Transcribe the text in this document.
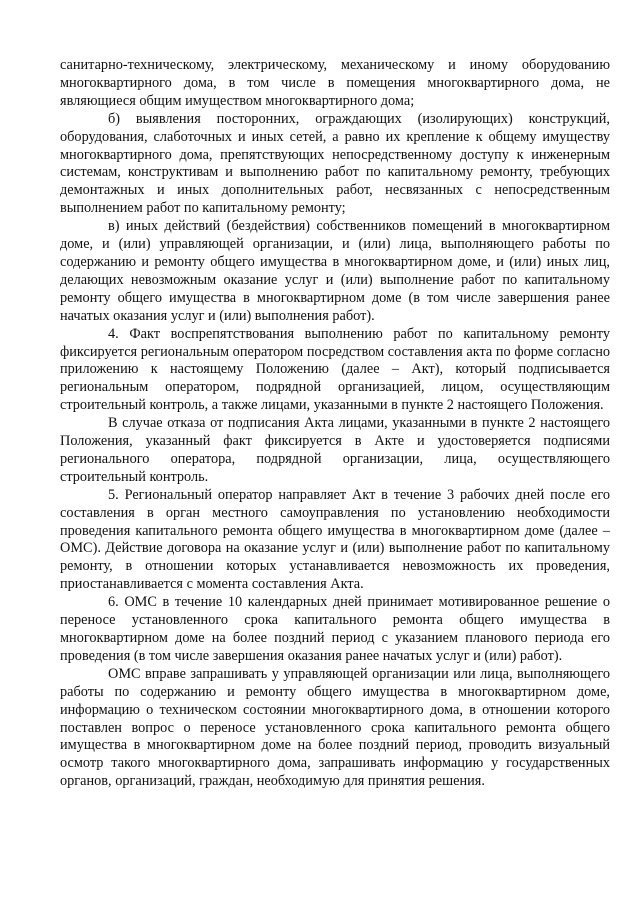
санитарно-техническому, электрическому, механическому и иному оборудованию многоквартирного дома, в том числе в помещения многоквартирного дома, не являющиеся общим имуществом многоквартирного дома;

б) выявления посторонних, ограждающих (изолирующих) конструкций, оборудования, слаботочных и иных сетей, а равно их крепление к общему имуществу многоквартирного дома, препятствующих непосредственному доступу к инженерным системам, конструктивам и выполнению работ по капитальному ремонту, требующих демонтажных и иных дополнительных работ, несвязанных с непосредственным выполнением работ по капитальному ремонту;

в) иных действий (бездействия) собственников помещений в многоквартирном доме, и (или) управляющей организации, и (или) лица, выполняющего работы по содержанию и ремонту общего имущества в многоквартирном доме, и (или) иных лиц, делающих невозможным оказание услуг и (или) выполнение работ по капитальному ремонту общего имущества в многоквартирном доме (в том числе завершения ранее начатых оказания услуг и (или) выполнения работ).

4. Факт воспрепятствования выполнению работ по капитальному ремонту фиксируется региональным оператором посредством составления акта по форме согласно приложению к настоящему Положению (далее – Акт), который подписывается региональным оператором, подрядной организацией, лицом, осуществляющим строительный контроль, а также лицами, указанными в пункте 2 настоящего Положения.

В случае отказа от подписания Акта лицами, указанными в пункте 2 настоящего Положения, указанный факт фиксируется в Акте и удостоверяется подписями регионального оператора, подрядной организации, лица, осуществляющего строительный контроль.

5. Региональный оператор направляет Акт в течение 3 рабочих дней после его составления в орган местного самоуправления по установлению необходимости проведения капитального ремонта общего имущества в многоквартирном доме (далее – ОМС). Действие договора на оказание услуг и (или) выполнение работ по капитальному ремонту, в отношении которых устанавливается невозможность их проведения, приостанавливается с момента составления Акта.

6. ОМС в течение 10 календарных дней принимает мотивированное решение о переносе установленного срока капитального ремонта общего имущества в многоквартирном доме на более поздний период с указанием планового периода его проведения (в том числе завершения оказания ранее начатых услуг и (или) работ).

ОМС вправе запрашивать у управляющей организации или лица, выполняющего работы по содержанию и ремонту общего имущества в многоквартирном доме, информацию о техническом состоянии многоквартирного дома, в отношении которого поставлен вопрос о переносе установленного срока капитального ремонта общего имущества в многоквартирном доме на более поздний период, проводить визуальный осмотр такого многоквартирного дома, запрашивать информацию у государственных органов, организаций, граждан, необходимую для принятия решения.
